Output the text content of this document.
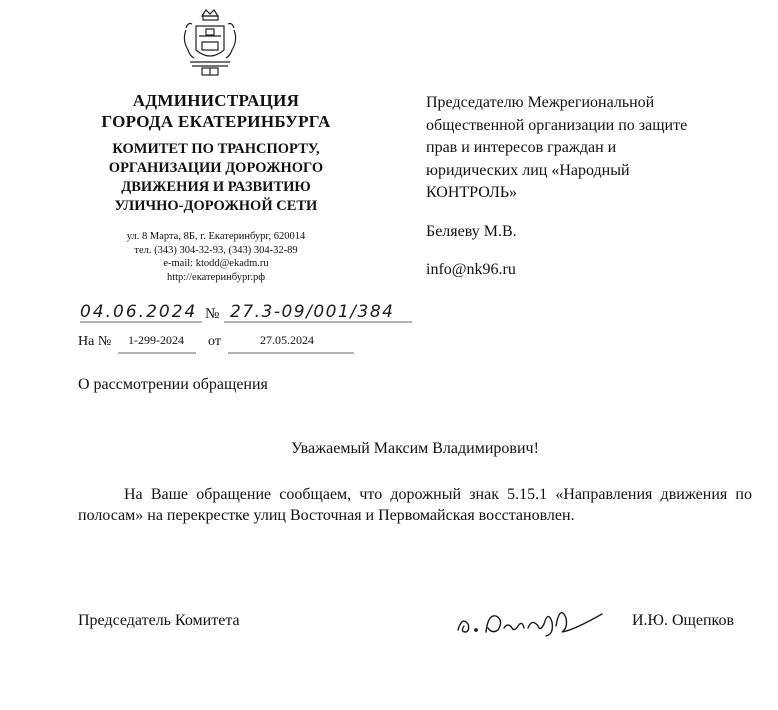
АДМИНИСТРАЦИЯ
ГОРОДА ЕКАТЕРИНБУРГА
КОМИТЕТ ПО ТРАНСПОРТУ,
ОРГАНИЗАЦИИ ДОРОЖНОГО
ДВИЖЕНИЯ И РАЗВИТИЮ
УЛИЧНО-ДОРОЖНОЙ СЕТИ
ул. 8 Марта, 8Б, г. Екатеринбург, 620014
тел. (343) 304-32-93, (343) 304-32-89
e-mail: ktodd@ekadm.ru
http://екатеринбург.рф
Председателю Межрегиональной
общественной организации по защите
прав и интересов граждан и
юридических лиц «Народный
КОНТРОЛЬ»
Беляеву М.В.
info@nk96.ru
04.06.2024 № 27.3-09/001/384
На № 1-299-2024 от	27.05.2024
О рассмотрении обращения
Уважаемый Максим Владимирович!
На Ваше обращение сообщаем, что дорожный знак 5.15.1 «Направления движения по полосам» на перекрестке улиц Восточная и Первомайская восстановлен.
Председатель Комитета	И.Ю. Ощепков
